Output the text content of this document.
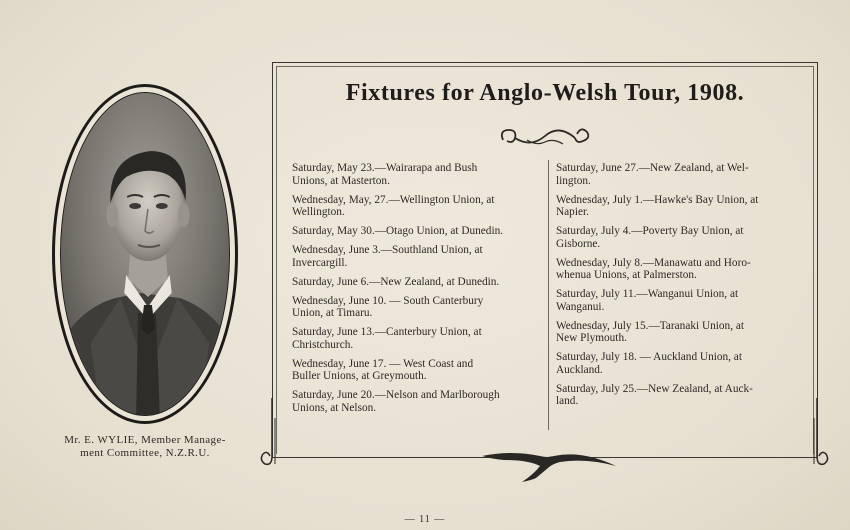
Mr. E. WYLIE, Member Manage-
ment Committee, N.Z.R.U.
Fixtures for Anglo-Welsh Tour, 1908.
Saturday, May 23.—Wairarapa and Bush
Unions, at Masterton.
Wednesday, May, 27.—Wellington Union, at
Wellington.
Saturday, May 30.—Otago Union, at Dunedin.
Wednesday, June 3.—Southland Union, at
Invercargill.
Saturday, June 6.—New Zealand, at Dunedin.
Wednesday, June 10. — South Canterbury
Union, at Timaru.
Saturday, June 13.—Canterbury Union, at
Christchurch.
Wednesday, June 17. — West Coast and
Buller Unions, at Greymouth.
Saturday, June 20.—Nelson and Marlborough
Unions, at Nelson.
Saturday, June 27.—New Zealand, at Wel-
lington.
Wednesday, July 1.—Hawke's Bay Union, at
Napier.
Saturday, July 4.—Poverty Bay Union, at
Gisborne.
Wednesday, July 8.—Manawatu and Horo-
whenua Unions, at Palmerston.
Saturday, July 11.—Wanganui Union, at
Wanganui.
Wednesday, July 15.—Taranaki Union, at
New Plymouth.
Saturday, July 18. — Auckland Union, at
Auckland.
Saturday, July 25.—New Zealand, at Auck-
land.
— 11 —
